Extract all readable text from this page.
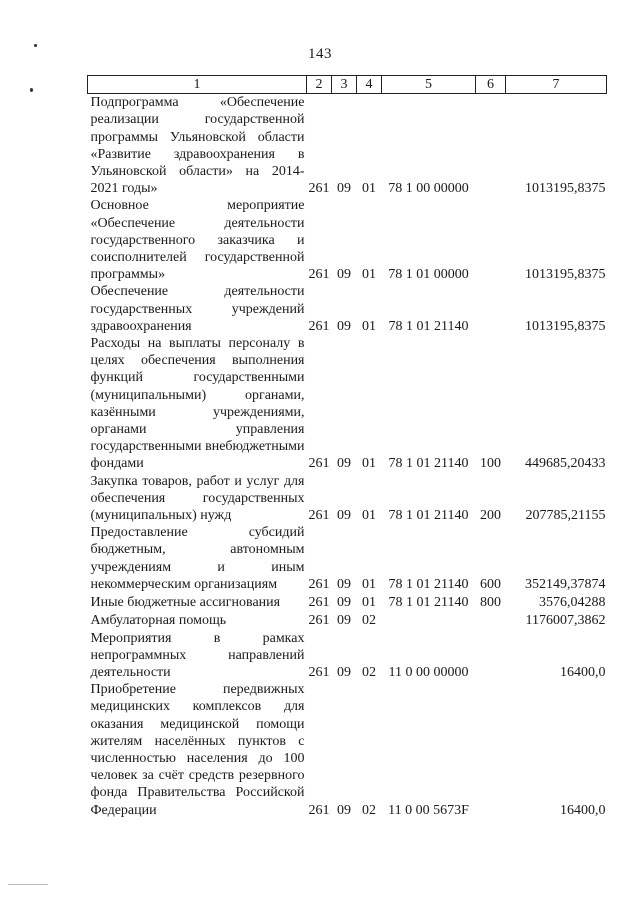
143
1	2	3	4	5	6	7
Подпрограмма «Обеспечение реализации государственной программы Ульяновской области «Развитие здравоохранения в Ульяновской области» на 2014-2021 годы»	261	09	01	78 1 00 00000		1013195,8375
Основное мероприятие «Обеспечение деятельности государственного заказчика и соисполнителей государственной программы»	261	09	01	78 1 01 00000		1013195,8375
Обеспечение деятельности государственных учреждений здравоохранения	261	09	01	78 1 01 21140		1013195,8375
Расходы на выплаты персоналу в целях обеспечения выполнения функций государственными (муниципальными) органами, казёнными учреждениями, органами управления государственными внебюджетными фондами	261	09	01	78 1 01 21140	100	449685,20433
Закупка товаров, работ и услуг для обеспечения государственных (муниципальных) нужд	261	09	01	78 1 01 21140	200	207785,21155
Предоставление субсидий бюджетным, автономным учреждениям и иным некоммерческим организациям	261	09	01	78 1 01 21140	600	352149,37874
Иные бюджетные ассигнования	261	09	01	78 1 01 21140	800	3576,04288
Амбулаторная помощь	261	09	02			1176007,3862
Мероприятия в рамках непрограммных направлений деятельности	261	09	02	11 0 00 00000		16400,0
Приобретение передвижных медицинских комплексов для оказания медицинской помощи жителям населённых пунктов с численностью населения до 100 человек за счёт средств резервного фонда Правительства Российской Федерации	261	09	02	11 0 00 5673F		16400,0
